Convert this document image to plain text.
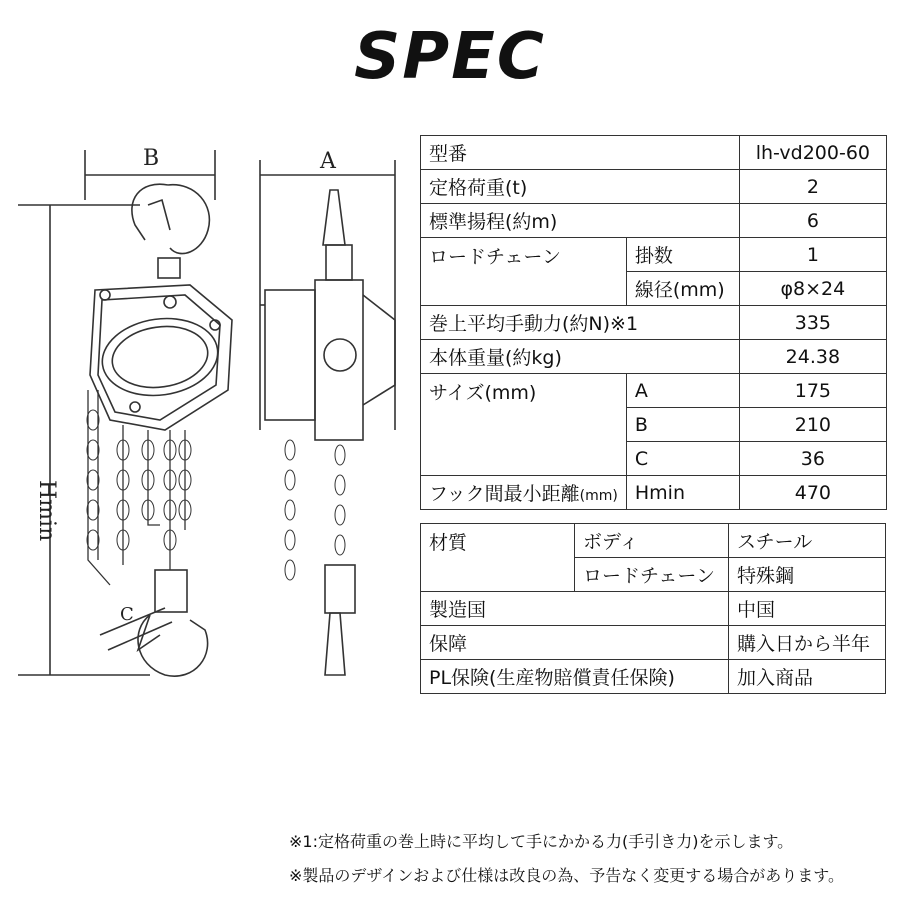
SPEC
B	A
Hmin
C
型番		lh-vd200-60
定格荷重(t)		2
標準揚程(約m)		6
ロードチェーン	掛数	1
	線径(mm)	φ8×24
巻上平均手動力(約N)※1		335
本体重量(約kg)		24.38
サイズ(mm)	A	175
	B	210
	C	36
フック間最小距離(mm)	Hmin	470
材質	ボディ	スチール
	ロードチェーン	特殊鋼
製造国		中国
保障		購入日から半年
PL保険(生産物賠償責任保険)		加入商品
※1:定格荷重の巻上時に平均して手にかかる力(手引き力)を示します。
※製品のデザインおよび仕様は改良の為、予告なく変更する場合があります。
